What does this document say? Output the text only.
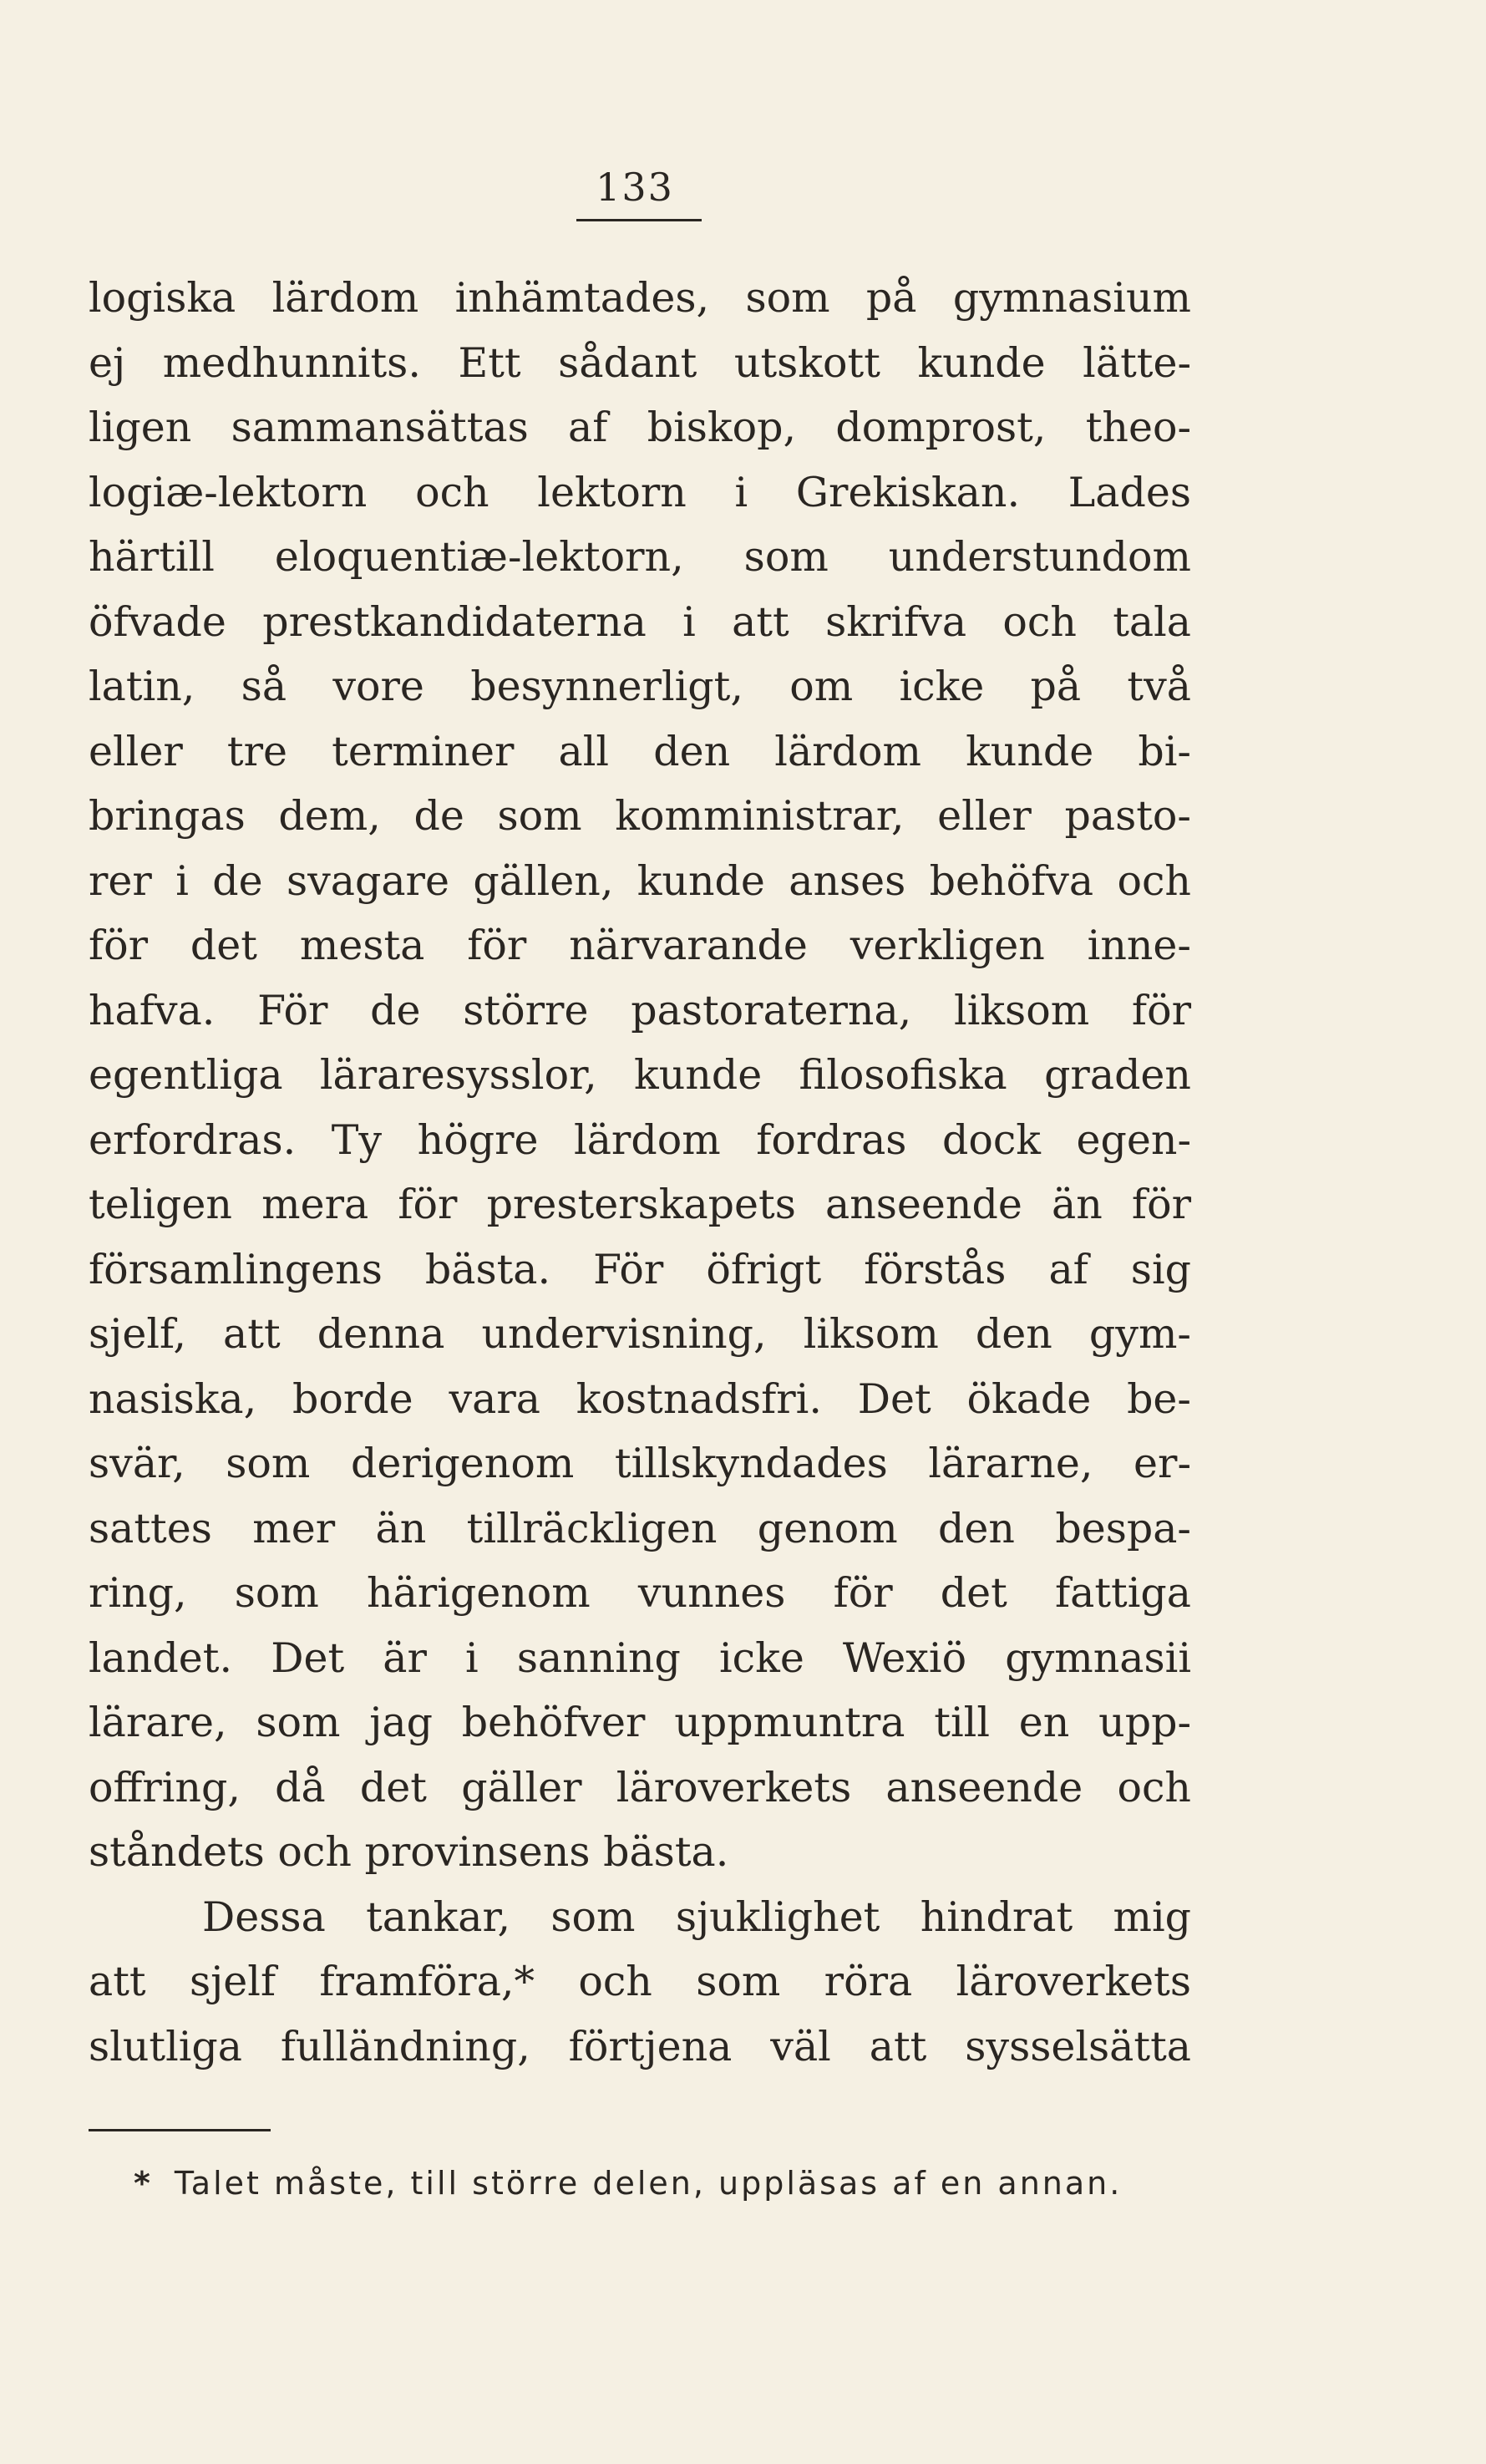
133
logiska lärdom inhämtades, som på gymnasium
ej medhunnits. Ett sådant utskott kunde lätte-
ligen sammansättas af biskop, domprost, theo-
logiæ-lektorn och lektorn i Grekiskan. Lades
härtill eloquentiæ-lektorn, som understundom
öfvade prestkandidaterna i att skrifva och tala
latin, så vore besynnerligt, om icke på två
eller tre terminer all den lärdom kunde bi-
bringas dem, de som komministrar, eller pasto-
rer i de svagare gällen, kunde anses behöfva och
för det mesta för närvarande verkligen inne-
hafva. För de större pastoraterna, liksom för
egentliga läraresysslor, kunde filosofiska graden
erfordras. Ty högre lärdom fordras dock egen-
teligen mera för presterskapets anseende än för
församlingens bästa. För öfrigt förstås af sig
sjelf, att denna undervisning, liksom den gym-
nasiska, borde vara kostnadsfri. Det ökade be-
svär, som derigenom tillskyndades lärarne, er-
sattes mer än tillräckligen genom den bespa-
ring, som härigenom vunnes för det fattiga
landet. Det är i sanning icke Wexiö gymnasii
lärare, som jag behöfver uppmuntra till en upp-
offring, då det gäller läroverkets anseende och
ståndets och provinsens bästa.
Dessa tankar, som sjuklighet hindrat mig
att sjelf framföra,* och som röra läroverkets
slutliga fulländning, förtjena väl att sysselsätta
* Talet måste, till större delen, uppläsas af en annan.
